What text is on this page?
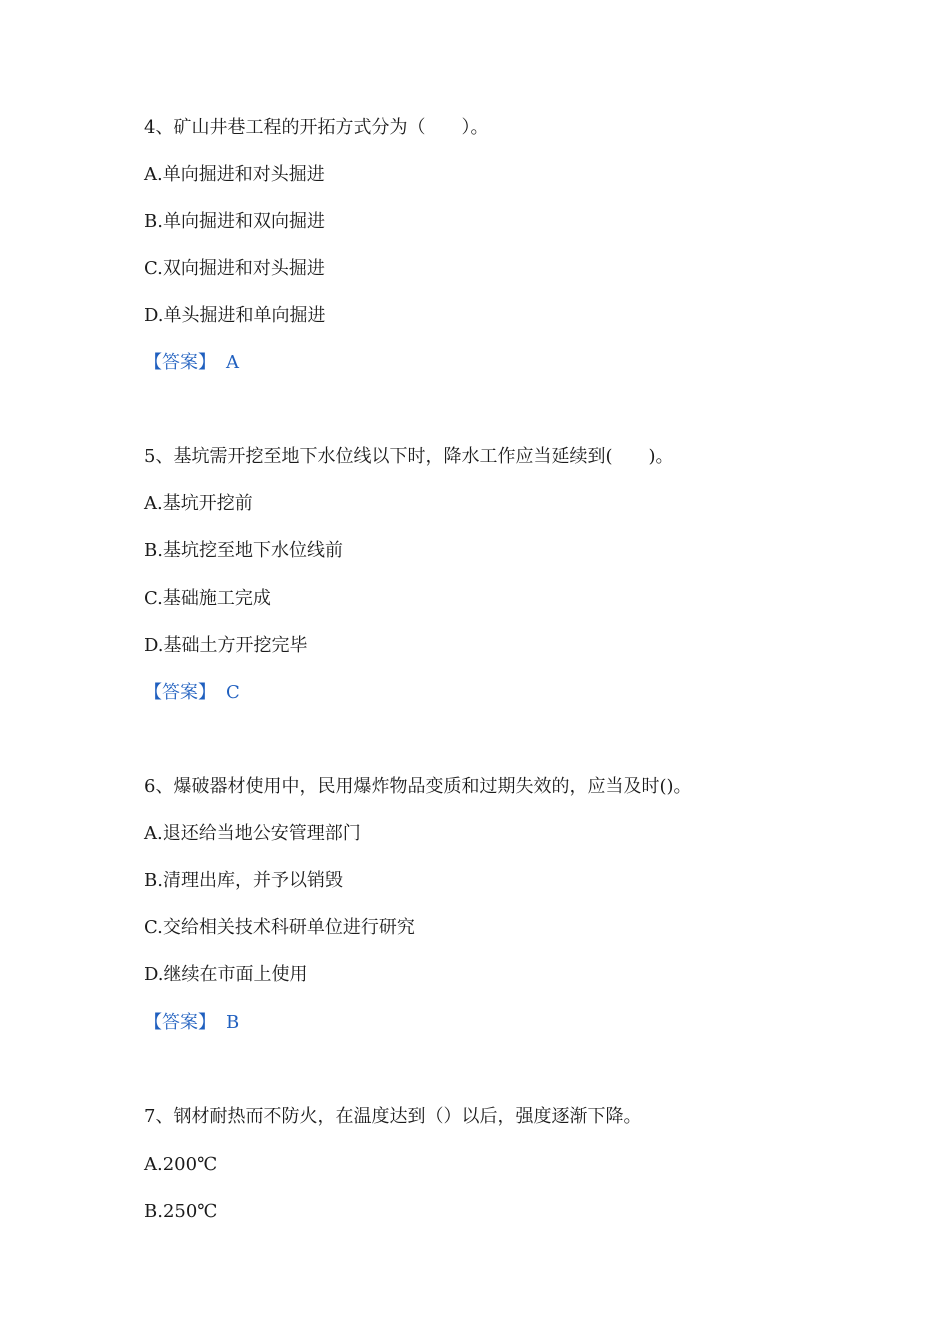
4、矿山井巷工程的开拓方式分为（　　）。
A.单向掘进和对头掘进
B.单向掘进和双向掘进
C.双向掘进和对头掘进
D.单头掘进和单向掘进
【答案】 A
5、基坑需开挖至地下水位线以下时，降水工作应当延续到(　　)。
A.基坑开挖前
B.基坑挖至地下水位线前
C.基础施工完成
D.基础土方开挖完毕
【答案】 C
6、爆破器材使用中，民用爆炸物品变质和过期失效的，应当及时()。
A.退还给当地公安管理部门
B.清理出库，并予以销毁
C.交给相关技术科研单位进行研究
D.继续在市面上使用
【答案】 B
7、钢材耐热而不防火，在温度达到（）以后，强度逐渐下降。
A.200℃
B.250℃
